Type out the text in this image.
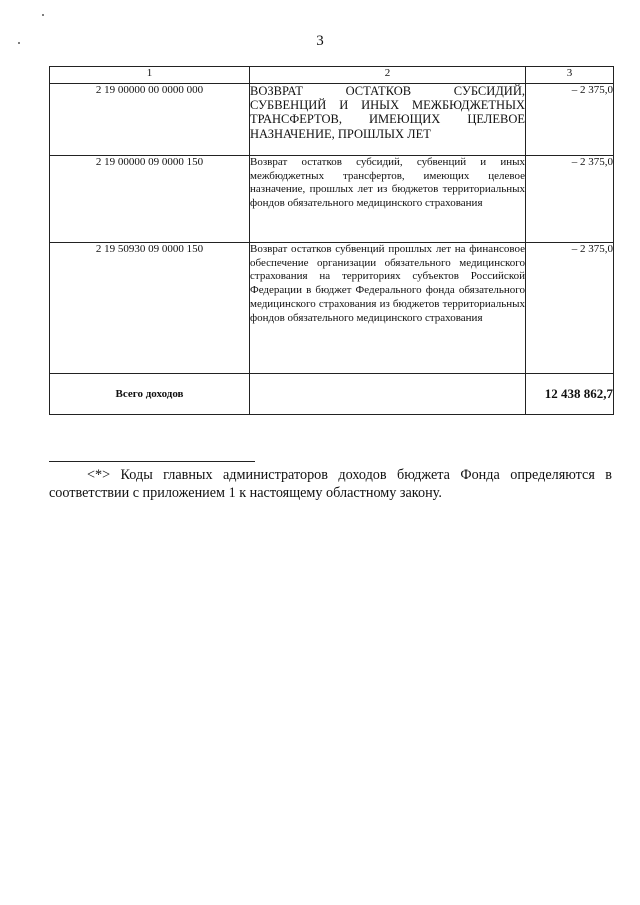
3
1	2	3
2 19 00000 00 0000 000	ВОЗВРАТ ОСТАТКОВ СУБСИДИЙ, СУБВЕНЦИЙ И ИНЫХ МЕЖБЮДЖЕТНЫХ ТРАНСФЕРТОВ, ИМЕЮЩИХ ЦЕЛЕВОЕ НАЗНАЧЕНИЕ, ПРОШЛЫХ ЛЕТ	– 2 375,0
2 19 00000 09 0000 150	Возврат остатков субсидий, субвенций и иных межбюджетных трансфертов, имеющих целевое назначение, прошлых лет из бюджетов территориальных фондов обязательного медицинского страхования	– 2 375,0
2 19 50930 09 0000 150	Возврат остатков субвенций прошлых лет на финансовое обеспечение организации обязательного медицинского страхования на территориях субъектов Российской Федерации в бюджет Федерального фонда обязательного медицинского страхования из бюджетов территориальных фондов обязательного медицинского страхования	– 2 375,0
Всего доходов		12 438 862,7
<*> Коды главных администраторов доходов бюджета Фонда определяются в соответствии с приложением 1 к настоящему областному закону.
